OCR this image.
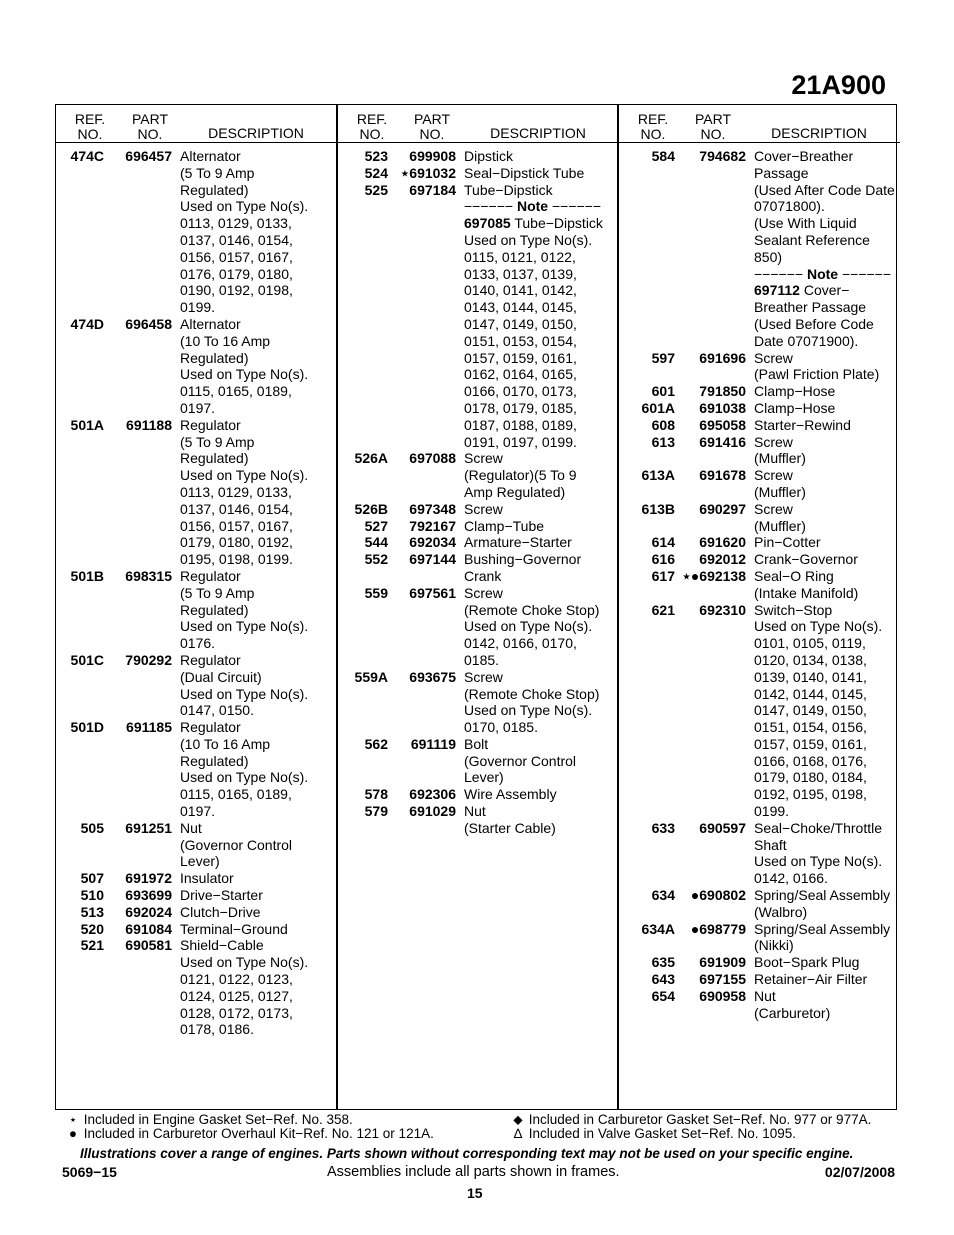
21A900
REF.
NO.
PART
NO.	DESCRIPTION
474C	696457 Alternator
(5 To 9 Amp
Regulated)
Used on Type No(s).
0113, 0129, 0133,
0137, 0146, 0154,
0156, 0157, 0167,
0176, 0179, 0180,
0190, 0192, 0198,
0199.
474D	696458 Alternator
(10 To 16 Amp
Regulated)
Used on Type No(s).
0115, 0165, 0189,
0197.
501A	691188 Regulator
(5 To 9 Amp
Regulated)
Used on Type No(s).
0113, 0129, 0133,
0137, 0146, 0154,
0156, 0157, 0167,
0179, 0180, 0192,
0195, 0198, 0199.
501B	698315 Regulator
(5 To 9 Amp
Regulated)
Used on Type No(s).
0176.
501C	790292 Regulator
(Dual Circuit)
Used on Type No(s).
0147, 0150.
501D	691185 Regulator
(10 To 16 Amp
Regulated)
Used on Type No(s).
0115, 0165, 0189,
0197.
505	691251 Nut
(Governor Control
Lever)
507	691972 Insulator
510	693699 Drive−Starter
513	692024 Clutch−Drive
520	691084 Terminal−Ground
521	690581 Shield−Cable
Used on Type No(s).
0121, 0122, 0123,
0124, 0125, 0127,
0128, 0172, 0173,
0178, 0186.
REF.
NO.
PART
NO.	DESCRIPTION
523	699908 Dipstick
524 ⋆691032 Seal−Dipstick Tube
525	697184 Tube−Dipstick
−−−−−− Note −−−−−−
697085 Tube−Dipstick
Used on Type No(s).
0115, 0121, 0122,
0133, 0137, 0139,
0140, 0141, 0142,
0143, 0144, 0145,
0147, 0149, 0150,
0151, 0153, 0154,
0157, 0159, 0161,
0162, 0164, 0165,
0166, 0170, 0173,
0178, 0179, 0185,
0187, 0188, 0189,
0191, 0197, 0199.
526A	697088 Screw
(Regulator)(5 To 9
Amp Regulated)
526B	697348 Screw
527	792167 Clamp−Tube
544	692034 Armature−Starter
552	697144 Bushing−Governor
Crank
559	697561 Screw
(Remote Choke Stop)
Used on Type No(s).
0142, 0166, 0170,
0185.
559A	693675 Screw
(Remote Choke Stop)
Used on Type No(s).
0170, 0185.
562	691119 Bolt
(Governor Control
Lever)
578	692306 Wire Assembly
579	691029 Nut
(Starter Cable)
REF.
NO.
PART
NO.	DESCRIPTION
584	794682 Cover−Breather
Passage
(Used After Code Date
07071800).
(Use With Liquid
Sealant Reference
850)
−−−−−− Note −−−−−−
697112 Cover−
Breather Passage
(Used Before Code
Date 07071900).
597	691696 Screw
(Pawl Friction Plate)
601	791850 Clamp−Hose
601A	691038 Clamp−Hose
608	695058 Starter−Rewind
613	691416 Screw
(Muffler)
613A	691678 Screw
(Muffler)
613B	690297 Screw
(Muffler)
614	691620 Pin−Cotter
616	692012 Crank−Governor
617 ⋆●692138 Seal−O Ring
(Intake Manifold)
621	692310 Switch−Stop
Used on Type No(s).
0101, 0105, 0119,
0120, 0134, 0138,
0139, 0140, 0141,
0142, 0144, 0145,
0147, 0149, 0150,
0151, 0154, 0156,
0157, 0159, 0161,
0166, 0168, 0176,
0179, 0180, 0184,
0192, 0195, 0198,
0199.
633	690597 Seal−Choke/Throttle
Shaft
Used on Type No(s).
0142, 0166.
634	●690802 Spring/Seal Assembly
(Walbro)
634A	●698779 Spring/Seal Assembly
(Nikki)
635	691909 Boot−Spark Plug
643	697155 Retainer−Air Filter
654	690958 Nut
(Carburetor)
⋆ Included in Engine Gasket Set−Ref. No. 358.
● Included in Carburetor Overhaul Kit−Ref. No. 121 or 121A.
⬥ Included in Carburetor Gasket Set−Ref. No. 977 or 977A.
∆ Included in Valve Gasket Set−Ref. No. 1095.
Illustrations cover a range of engines. Parts shown without corresponding text may not be used on your specific engine.
5069−15	Assemblies include all parts shown in frames.	02/07/2008
15
